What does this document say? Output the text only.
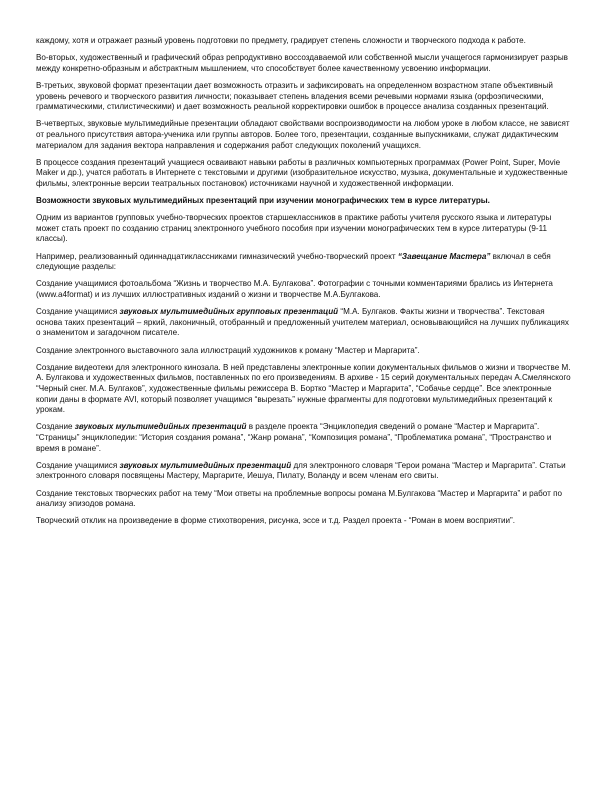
каждому, хотя и отражает разный уровень подготовки по предмету, градирует степень сложности и творческого подхода к работе.

Во-вторых, художественный и графический образ репродуктивно воссоздаваемой или собственной мысли учащегося гармонизирует разрыв между конкретно-образным и абстрактным мышлением, что способствует более качественному усвоению информации.

В-третьих, звуковой формат презентации дает возможность отразить и зафиксировать на определенном возрастном этапе объективный уровень речевого и творческого развития личности; показывает степень владения всеми речевыми нормами языка (орфоэпическими, грамматическими, стилистическими) и дает возможность реальной корректировки ошибок в процессе анализа созданных презентаций.

В-четвертых, звуковые мультимедийные презентации обладают свойствами воспроизводимости на любом уроке в любом классе, не зависят от реального присутствия автора-ученика или группы авторов. Более того, презентации, созданные выпускниками, служат дидактическим материалом для задания вектора направления и содержания работ следующих поколений учащихся.

В процессе создания презентаций учащиеся осваивают навыки работы в различных компьютерных программах (Power Point, Super, Movie Maker и др.), учатся работать в Интернете с текстовыми и другими (изобразительное искусство, музыка, документальные и художественные фильмы, электронные версии театральных постановок) источниками научной и художественной информации.

Возможности звуковых мультимедийных презентаций при изучении монографических тем в курсе литературы.

Одним из вариантов групповых учебно-творческих проектов старшеклассников в практике работы учителя русского языка и литературы может стать проект по созданию страниц электронного учебного пособия при изучении монографических тем в курсе литературы (9-11 классы).

Например, реализованный одиннадцатиклассниками гимназический учебно-творческий проект “Завещание Мастера” включал в себя следующие разделы:

Создание учащимися фотоальбома “Жизнь и творчество М.А. Булгакова”. Фотографии с точными комментариями брались из Интернета (www.a4format) и из лучших иллюстративных изданий о жизни и творчестве М.А.Булгакова.

Создание учащимися звуковых мультимедийных групповых презентаций “М.А. Булгаков. Факты жизни и творчества”. Текстовая основа таких презентаций – яркий, лаконичный, отобранный и предложенный учителем материал, основывающийся на лучших публикациях о знаменитом и загадочном писателе.

Создание электронного выставочного зала иллюстраций художников к роману “Мастер и Маргарита”.

Создание видеотеки для электронного кинозала. В ней представлены электронные копии документальных фильмов о жизни и творчестве М. А. Булгакова и художественных фильмов, поставленных по его произведениям. В архиве - 15 серий документальных передач А.Смелянского “Черный снег. М.А. Булгаков”, художественные фильмы режиссера В. Бортко “Мастер и Маргарита”, “Собачье сердце”. Все электронные копии даны в формате AVI, который позволяет учащимся “вырезать” нужные фрагменты для подготовки мультимедийных презентаций к урокам.

Создание звуковых мультимедийных презентаций в разделе проекта “Энциклопедия сведений о романе “Мастер и Маргарита”. “Страницы” энциклопедии: “История создания романа”, “Жанр романа”, “Композиция романа”, “Проблематика романа”, “Пространство и время в романе”.

Создание учащимися звуковых мультимедийных презентаций для электронного словаря “Герои романа “Мастер и Маргарита”. Статьи электронного словаря посвящены Мастеру, Маргарите, Иешуа, Пилату, Воланду и всем членам его свиты.

Создание текстовых творческих работ на тему “Мои ответы на проблемные вопросы романа М.Булгакова “Мастер и Маргарита” и работ по анализу эпизодов романа.

Творческий отклик на произведение в форме стихотворения, рисунка, эссе и т.д. Раздел проекта - “Роман в моем восприятии”.
